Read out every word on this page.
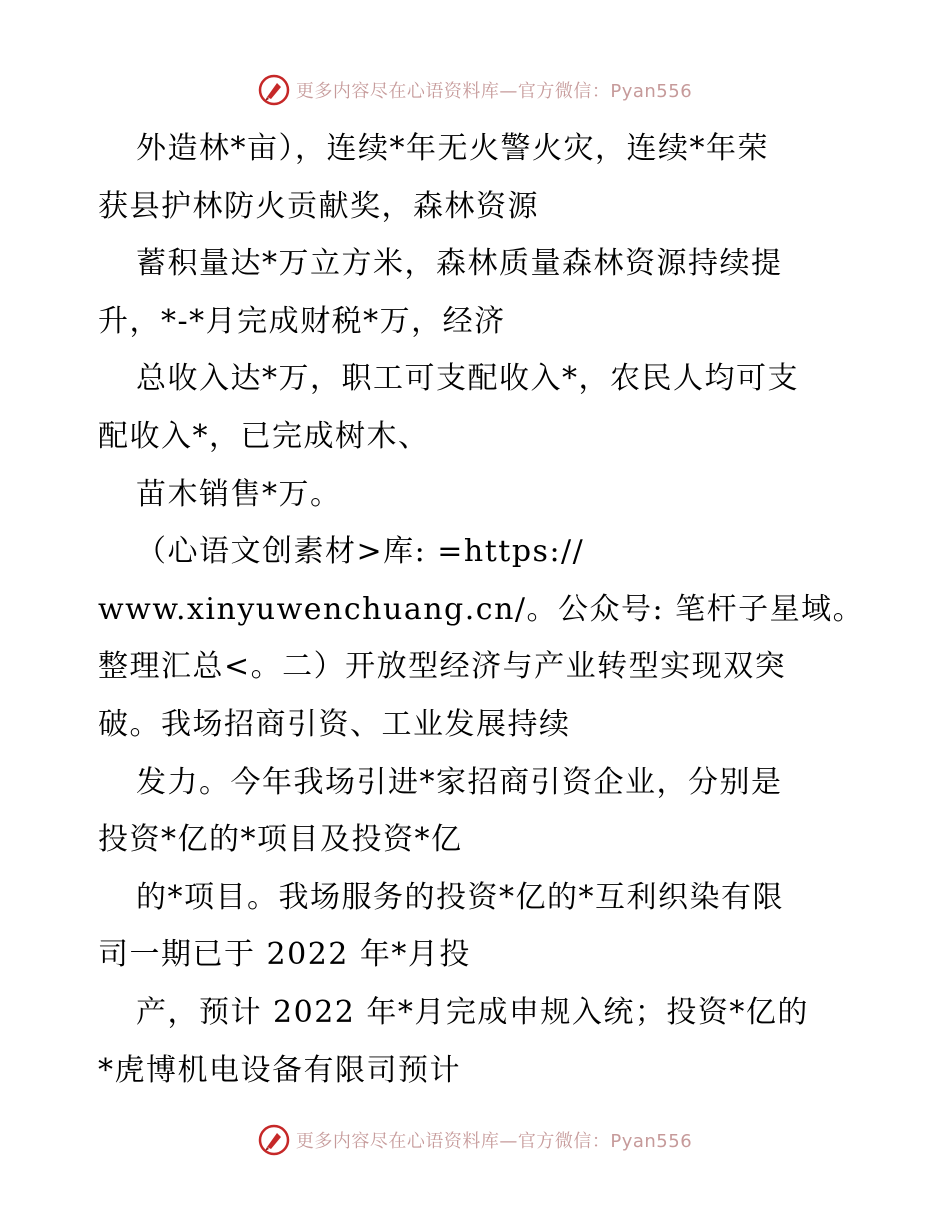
更多内容尽在心语资料库—官方微信：Pyan556
外造林*亩），连续*年无火警火灾，连续*年荣
获县护林防火贡献奖，森林资源
蓄积量达*万立方米，森林质量森林资源持续提
升，*-*月完成财税*万，经济
总收入达*万，职工可支配收入*，农民人均可支
配收入*，已完成树木、
苗木销售*万。
（心语文创素材>库: =https://
www.xinyuwenchuang.cn/。公众号: 笔杆子星域。
整理汇总<。二）开放型经济与产业转型实现双突
破。我场招商引资、工业发展持续
发力。今年我场引进*家招商引资企业，分别是
投资*亿的*项目及投资*亿
的*项目。我场服务的投资*亿的*互利织染有限
司一期已于 2022 年*月投
产，预计 2022 年*月完成申规入统；投资*亿的
*虎博机电设备有限司预计
更多内容尽在心语资料库—官方微信：Pyan556
